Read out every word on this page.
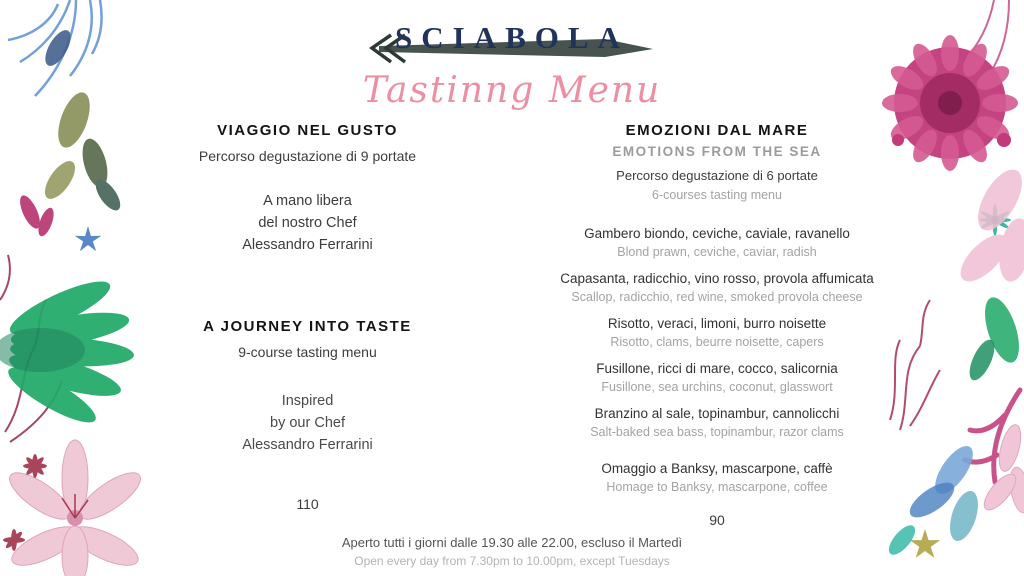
SCIABOLA
Tastinng Menu
VIAGGIO NEL GUSTO
Percorso degustazione di 9 portate
A mano libera
del nostro Chef
Alessandro Ferrarini
A JOURNEY INTO TASTE
9-course tasting menu
Inspired
by our Chef
Alessandro Ferrarini
110
EMOZIONI DAL MARE
EMOTIONS FROM THE SEA
Percorso degustazione di 6 portate
6-courses tasting menu
Gambero biondo, ceviche, caviale, ravanello
Blond prawn, ceviche, caviar, radish
Capasanta, radicchio, vino rosso, provola affumicata
Scallop, radicchio, red wine, smoked provola cheese
Risotto, veraci, limoni, burro noisette
Risotto, clams, beurre noisette, capers
Fusillone, ricci di mare, cocco, salicornia
Fusillone, sea urchins, coconut, glasswort
Branzino al sale, topinambur, cannolicchi
Salt-baked sea bass, topinambur, razor clams
Omaggio a Banksy, mascarpone, caffè
Homage to Banksy, mascarpone, coffee
90
Aperto tutti i giorni dalle 19.30 alle 22.00, escluso il Martedì
Open every day from 7.30pm to 10.00pm, except Tuesdays
